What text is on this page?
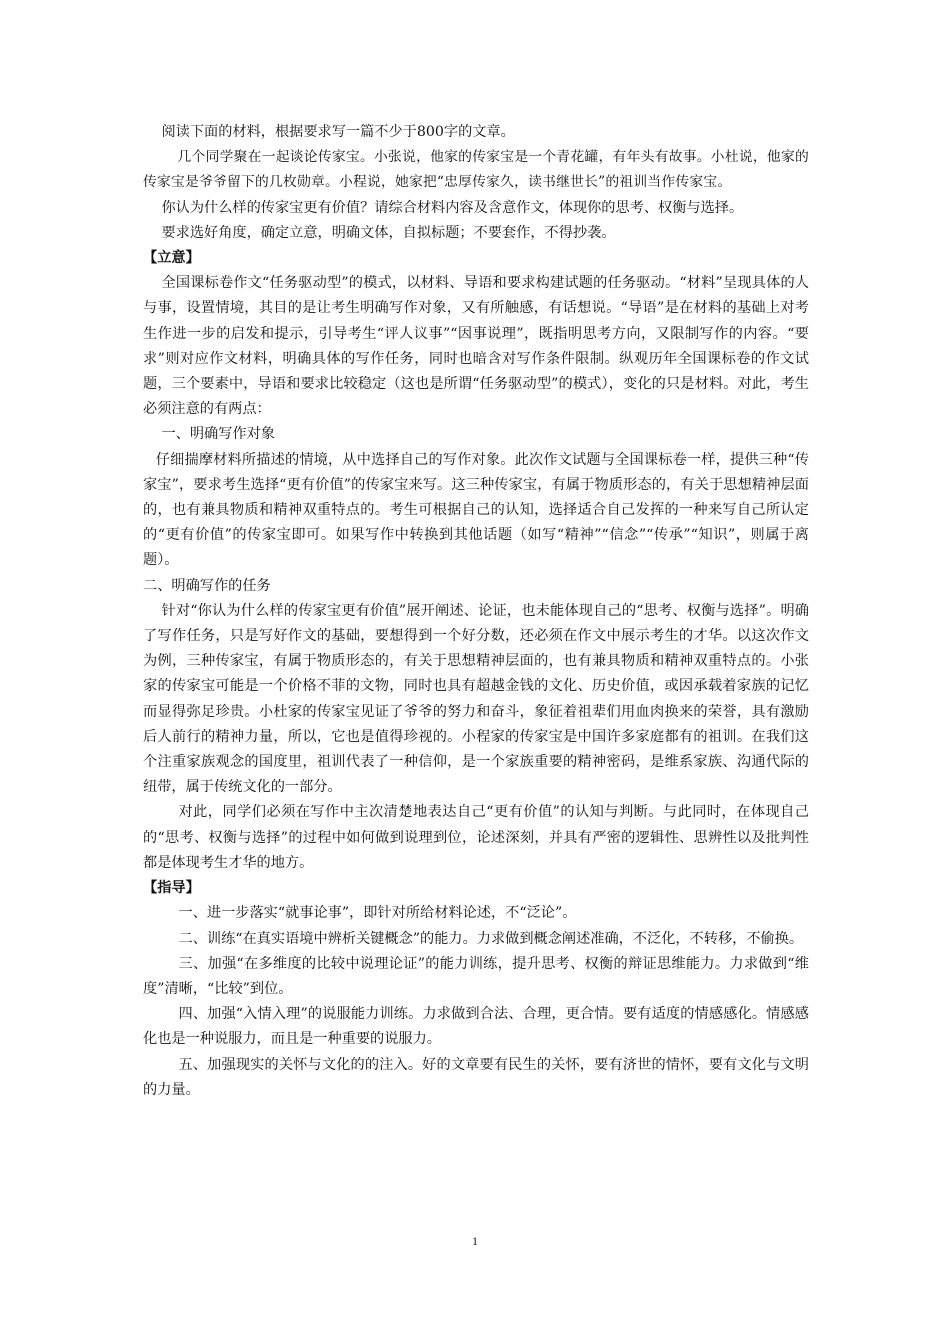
阅读下面的材料，根据要求写一篇不少于800字的文章。

几个同学聚在一起谈论传家宝。小张说，他家的传家宝是一个青花罐，有年头有故事。小杜说，他家的传家宝是爷爷留下的几枚勋章。小程说，她家把“忠厚传家久，读书继世长”的祖训当作传家宝。

你认为什么样的传家宝更有价值？请综合材料内容及含意作文，体现你的思考、权衡与选择。

要求选好角度，确定立意，明确文体，自拟标题；不要套作，不得抄袭。

【立意】

全国课标卷作文“任务驱动型”的模式，以材料、导语和要求构建试题的任务驱动。“材料”呈现具体的人与事，设置情境，其目的是让考生明确写作对象，又有所触感，有话想说。“导语”是在材料的基础上对考生作进一步的启发和提示，引导考生“评人议事”“因事说理”，既指明思考方向，又限制写作的内容。“要求”则对应作文材料，明确具体的写作任务，同时也暗含对写作条件限制。纵观历年全国课标卷的作文试题，三个要素中，导语和要求比较稳定（这也是所谓“任务驱动型”的模式），变化的只是材料。对此，考生必须注意的有两点：

一、明确写作对象

仔细揣摩材料所描述的情境，从中选择自己的写作对象。此次作文试题与全国课标卷一样，提供三种“传家宝”，要求考生选择“更有价值”的传家宝来写。这三种传家宝，有属于物质形态的，有关于思想精神层面的，也有兼具物质和精神双重特点的。考生可根据自己的认知，选择适合自己发挥的一种来写自己所认定的“更有价值”的传家宝即可。如果写作中转换到其他话题（如写“精神”“信念”“传承”“知识”，则属于离题）。

二、明确写作的任务

针对“你认为什么样的传家宝更有价值”展开阐述、论证，也未能体现自己的“思考、权衡与选择”。明确了写作任务，只是写好作文的基础，要想得到一个好分数，还必须在作文中展示考生的才华。以这次作文为例，三种传家宝，有属于物质形态的，有关于思想精神层面的，也有兼具物质和精神双重特点的。小张家的传家宝可能是一个价格不菲的文物，同时也具有超越金钱的文化、历史价值，或因承载着家族的记忆而显得弥足珍贵。小杜家的传家宝见证了爷爷的努力和奋斗，象征着祖辈们用血肉换来的荣誉，具有激励后人前行的精神力量，所以，它也是值得珍视的。小程家的传家宝是中国许多家庭都有的祖训。在我们这个注重家族观念的国度里，祖训代表了一种信仰，是一个家族重要的精神密码，是维系家族、沟通代际的纽带，属于传统文化的一部分。

对此，同学们必须在写作中主次清楚地表达自己“更有价值”的认知与判断。与此同时，在体现自己的“思考、权衡与选择”的过程中如何做到说理到位，论述深刻，并具有严密的逻辑性、思辨性以及批判性都是体现考生才华的地方。

【指导】

一、进一步落实“就事论事”，即针对所给材料论述，不“泛论”。

二、训练“在真实语境中辨析关键概念”的能力。力求做到概念阐述准确，不泛化，不转移，不偷换。

三、加强“在多维度的比较中说理论证”的能力训练，提升思考、权衡的辩证思维能力。力求做到“维度”清晰，“比较”到位。

四、加强“入情入理”的说服能力训练。力求做到合法、合理，更合情。要有适度的情感感化。情感感化也是一种说服力，而且是一种重要的说服力。

五、加强现实的关怀与文化的的注入。好的文章要有民生的关怀，要有济世的情怀，要有文化与文明的力量。

1
